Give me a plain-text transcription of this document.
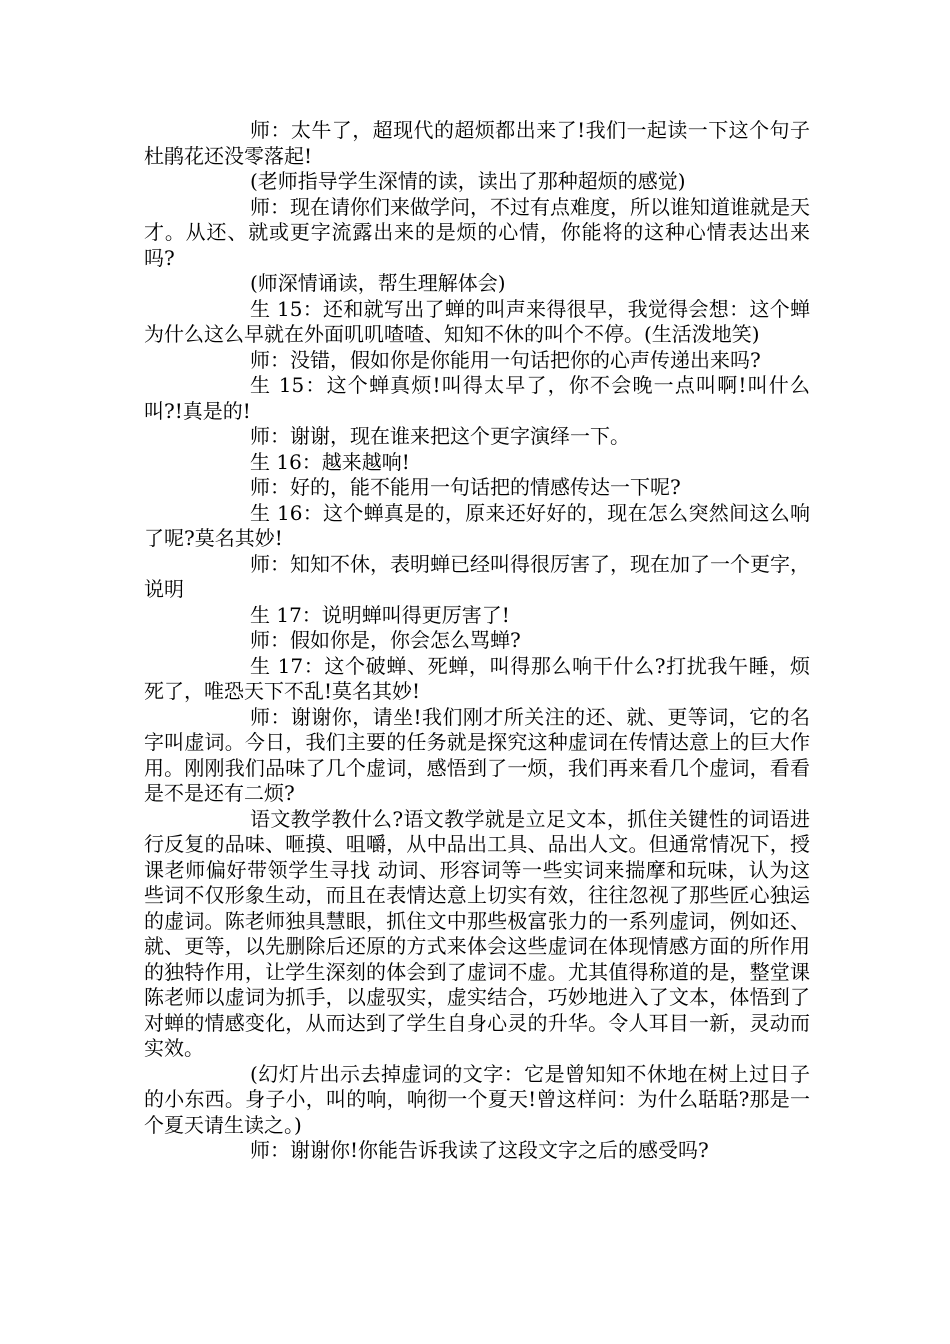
师：太牛了，超现代的超烦都出来了!我们一起读一下这个句子杜鹃花还没零落起!

(老师指导学生深情的读，读出了那种超烦的感觉)

师：现在请你们来做学问，不过有点难度，所以谁知道谁就是天才。从还、就或更字流露出来的是烦的心情，你能将的这种心情表达出来吗?

(师深情诵读，帮生理解体会)

生 15：还和就写出了蝉的叫声来得很早，我觉得会想：这个蝉为什么这么早就在外面叽叽喳喳、知知不休的叫个不停。(生活泼地笑)

师：没错，假如你是你能用一句话把你的心声传递出来吗?

生 15：这个蝉真烦!叫得太早了，你不会晚一点叫啊!叫什么叫?!真是的!

师：谢谢，现在谁来把这个更字演绎一下。

生 16：越来越响!

师：好的，能不能用一句话把的情感传达一下呢?

生 16：这个蝉真是的，原来还好好的，现在怎么突然间这么响了呢?莫名其妙!

师：知知不休，表明蝉已经叫得很厉害了，现在加了一个更字，说明

生 17：说明蝉叫得更厉害了!

师：假如你是，你会怎么骂蝉?

生 17：这个破蝉、死蝉，叫得那么响干什么?打扰我午睡，烦死了，唯恐天下不乱!莫名其妙!

师：谢谢你，请坐!我们刚才所关注的还、就、更等词，它的名字叫虚词。今日，我们主要的任务就是探究这种虚词在传情达意上的巨大作用。刚刚我们品味了几个虚词，感悟到了一烦，我们再来看几个虚词，看看是不是还有二烦?

语文教学教什么?语文教学就是立足文本，抓住关键性的词语进行反复的品味、咂摸、咀嚼，从中品出工具、品出人文。但通常情况下，授课老师偏好带领学生寻找 动词、形容词等一些实词来揣摩和玩味，认为这些词不仅形象生动，而且在表情达意上切实有效，往往忽视了那些匠心独运的虚词。陈老师独具慧眼，抓住文中那些极富张力的一系列虚词，例如还、就、更等，以先删除后还原的方式来体会这些虚词在体现情感方面的所作用的独特作用，让学生深刻的体会到了虚词不虚。尤其值得称道的是，整堂课陈老师以虚词为抓手，以虚驭实，虚实结合，巧妙地进入了文本，体悟到了对蝉的情感变化，从而达到了学生自身心灵的升华。令人耳目一新，灵动而实效。

(幻灯片出示去掉虚词的文字：它是曾知知不休地在树上过日子的小东西。身子小，叫的响，响彻一个夏天!曾这样问：为什么聒聒?那是一个夏天请生读之。)

师：谢谢你!你能告诉我读了这段文字之后的感受吗?
